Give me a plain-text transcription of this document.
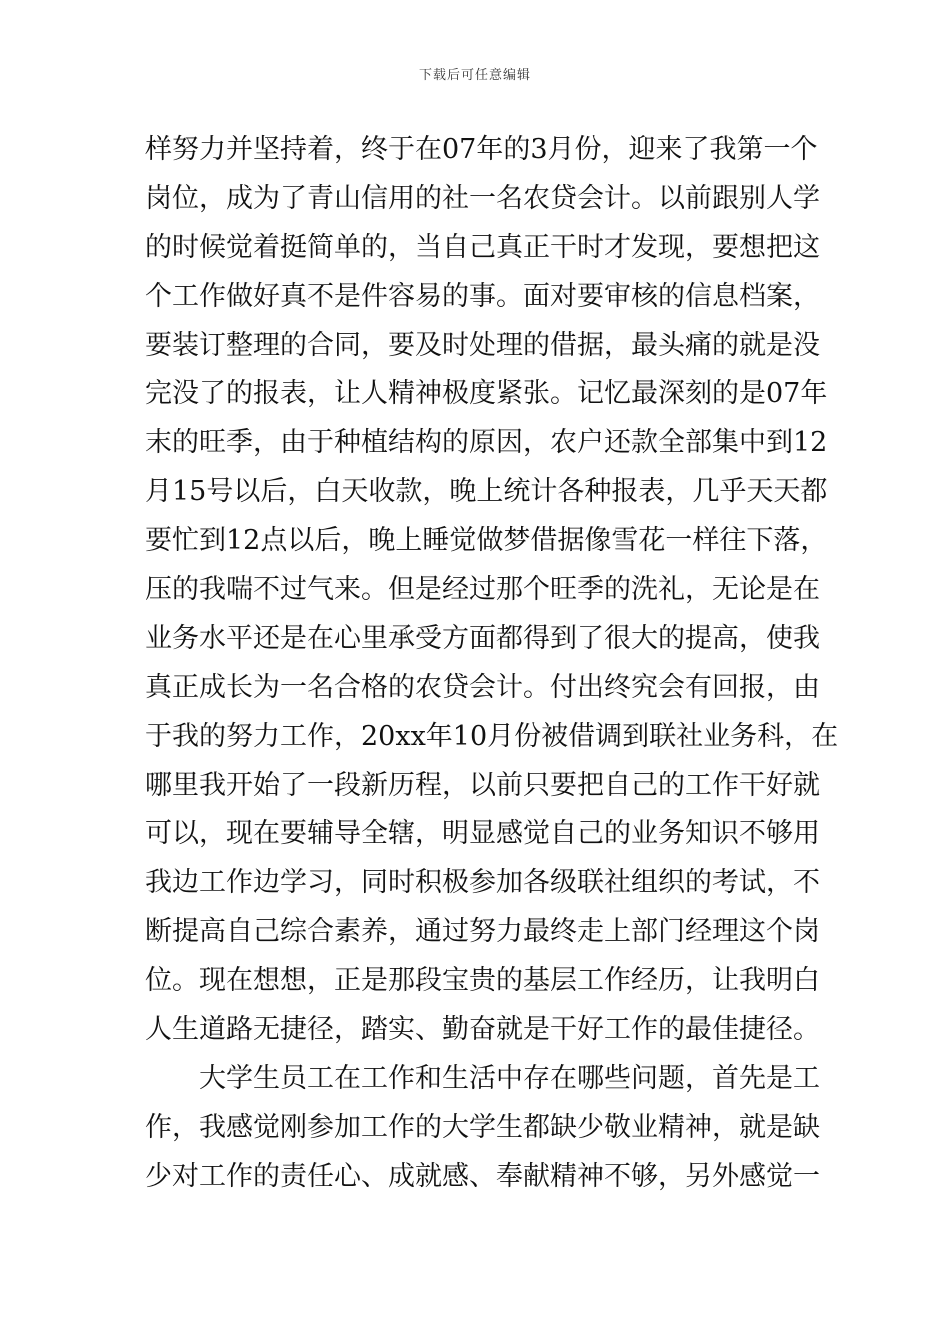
下载后可任意编辑
样努力并坚持着，终于在07年的3月份，迎来了我第一个
岗位，成为了青山信用的社一名农贷会计。以前跟别人学
的时候觉着挺简单的，当自己真正干时才发现，要想把这
个工作做好真不是件容易的事。面对要审核的信息档案，
要装订整理的合同，要及时处理的借据，最头痛的就是没
完没了的报表，让人精神极度紧张。记忆最深刻的是07年
末的旺季，由于种植结构的原因，农户还款全部集中到12
月15号以后，白天收款，晚上统计各种报表，几乎天天都
要忙到12点以后，晚上睡觉做梦借据像雪花一样往下落，
压的我喘不过气来。但是经过那个旺季的洗礼，无论是在
业务水平还是在心里承受方面都得到了很大的提高，使我
真正成长为一名合格的农贷会计。付出终究会有回报，由
于我的努力工作，20xx年10月份被借调到联社业务科，在
哪里我开始了一段新历程，以前只要把自己的工作干好就
可以，现在要辅导全辖，明显感觉自己的业务知识不够用
我边工作边学习，同时积极参加各级联社组织的考试，不
断提高自己综合素养，通过努力最终走上部门经理这个岗
位。现在想想，正是那段宝贵的基层工作经历，让我明白
人生道路无捷径，踏实、勤奋就是干好工作的最佳捷径。
大学生员工在工作和生活中存在哪些问题，首先是工
作，我感觉刚参加工作的大学生都缺少敬业精神，就是缺
少对工作的责任心、成就感、奉献精神不够，另外感觉一
